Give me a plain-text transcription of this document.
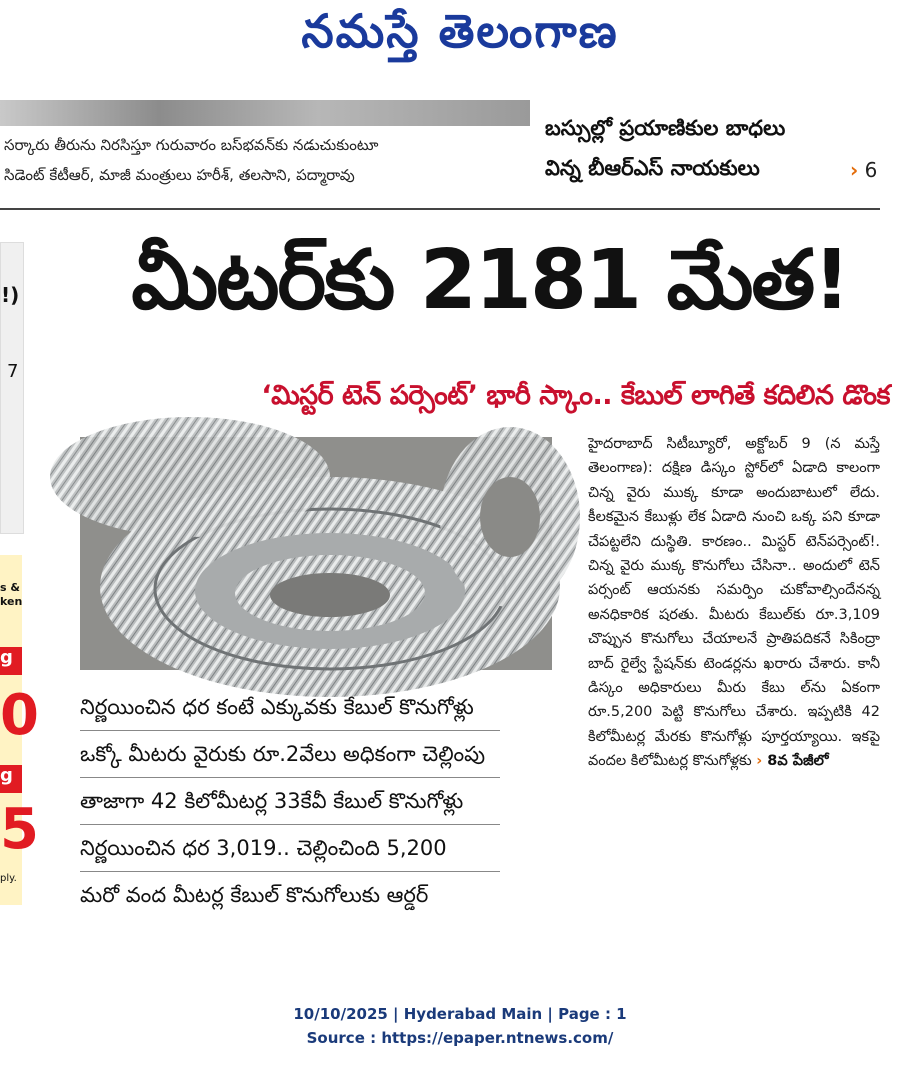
నమస్తే తెలంగాణ
సర్కారు తీరును నిరసిస్తూ గురువారం బస్‌భవన్‌కు నడుచుకుంటూ
సిడెంట్ కేటీఆర్, మాజీ మంత్రులు హరీశ్, తలసాని, పద్మారావు
బస్సుల్లో ప్రయాణికుల బాధలు
విన్న బీఆర్‌ఎస్ నాయకులు	› 6
!)
7
s &
ken
g
0
g
5
ply.
మీటర్‌కు 2181 మేత!
‘మిస్టర్ టెన్ పర్సెంట్’ భారీ స్కాం.. కేబుల్ లాగితే కదిలిన డొంక
నిర్ణయించిన ధర కంటే ఎక్కువకు కేబుల్ కొనుగోళ్లు
ఒక్కో మీటరు వైరుకు రూ.2వేలు అధికంగా చెల్లింపు
తాజాగా 42 కిలోమీటర్ల 33కేవీ కేబుల్ కొనుగోళ్లు
నిర్ణయించిన ధర 3,019.. చెల్లించింది 5,200
మరో వంద మీటర్ల కేబుల్ కొనుగోలుకు ఆర్డర్
హైదరాబాద్ సిటీబ్యూరో, అక్టోబర్ 9 (న మస్తే తెలంగాణ): దక్షిణ డిస్కం స్టోర్‌లో ఏడాది కాలంగా చిన్న వైరు ముక్క కూడా అందుబాటులో లేదు. కీలకమైన కేబుళ్లు లేక ఏడాది నుంచి ఒక్క పని కూడా చేపట్టలేని దుస్థితి. కారణం.. మిస్టర్ టెన్‌పర్సెంట్!. చిన్న వైరు ముక్క కొనుగోలు చేసినా.. అందులో టెన్ పర్సంట్ ఆయనకు సమర్పిం చుకోవాల్సిందేనన్న అనధికారిక షరతు. మీటరు కేబుల్‌కు రూ.3,109 చొప్పున కొనుగోలు చేయాలనే ప్రాతిపదికనే సికింద్రా బాద్ రైల్వే స్టేషన్‌కు టెండర్లను ఖరారు చేశారు. కానీ డిస్కం అధికారులు మీరు కేబు ల్‌ను ఏకంగా రూ.5,200 పెట్టి కొనుగోలు చేశారు. ఇప్పటికి 42 కిలోమీటర్ల మేరకు కొనుగోళ్లు పూర్తయ్యాయి. ఇకపై వందల కిలోమీటర్ల కొనుగోళ్లకు › 8వ పేజీలో
10/10/2025 | Hyderabad Main | Page : 1
Source : https://epaper.ntnews.com/
